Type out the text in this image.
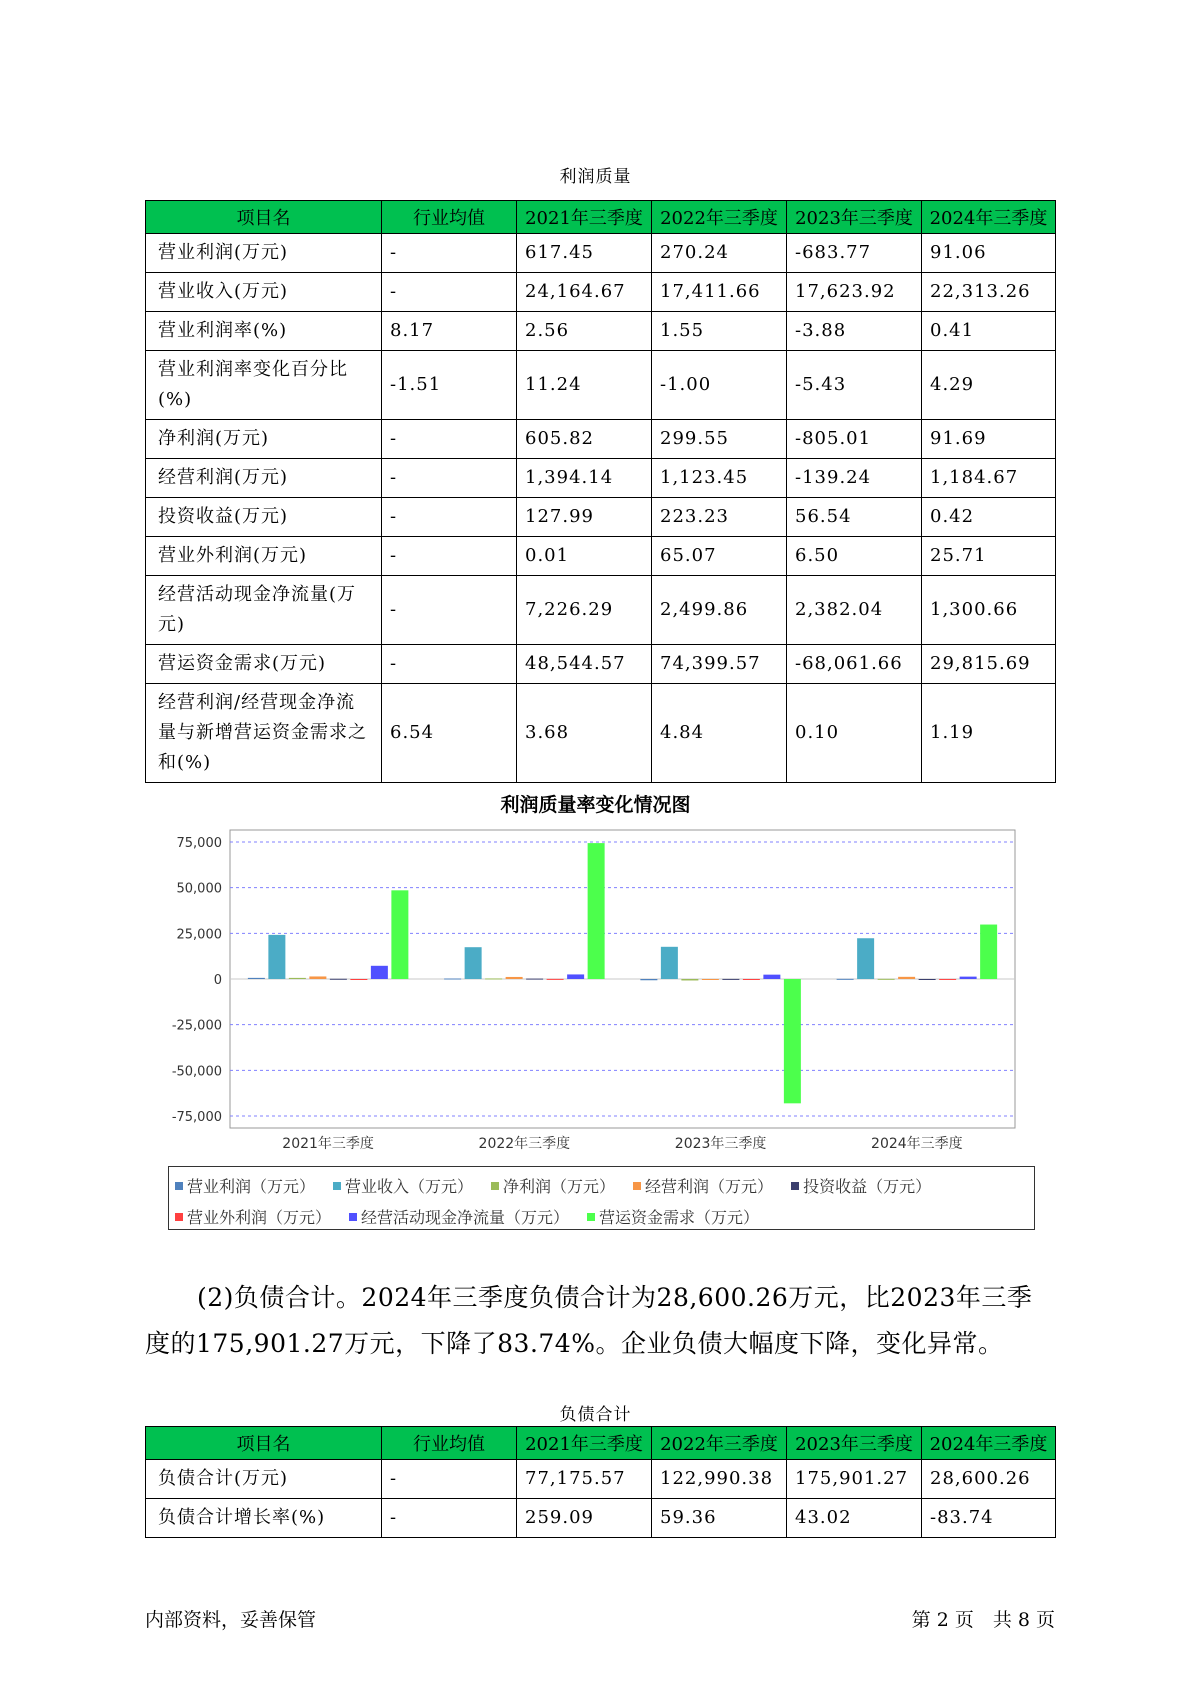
利润质量
项目名	行业均值	2021年三季度	2022年三季度	2023年三季度	2024年三季度
营业利润(万元)	-	617.45	270.24	-683.77	91.06
营业收入(万元)	-	24,164.67	17,411.66	17,623.92	22,313.26
营业利润率(%)	8.17	2.56	1.55	-3.88	0.41
营业利润率变化百分比(%)	-1.51	11.24	-1.00	-5.43	4.29
净利润(万元)	-	605.82	299.55	-805.01	91.69
经营利润(万元)	-	1,394.14	1,123.45	-139.24	1,184.67
投资收益(万元)	-	127.99	223.23	56.54	0.42
营业外利润(万元)	-	0.01	65.07	6.50	25.71
经营活动现金净流量(万元)	-	7,226.29	2,499.86	2,382.04	1,300.66
营运资金需求(万元)	-	48,544.57	74,399.57	-68,061.66	29,815.69
经营利润/经营现金净流量与新增营运资金需求之和(%)	6.54	3.68	4.84	0.10	1.19
利润质量率变化情况图
75,000
50,000
25,000
0
-25,000
-50,000
-75,000
2021年三季度	2022年三季度	2023年三季度	2024年三季度
营业利润（万元） 营业收入（万元） 净利润（万元） 经营利润（万元） 投资收益（万元）
营业外利润（万元） 经营活动现金净流量（万元） 营运资金需求（万元）
(2)负债合计。2024年三季度负债合计为28,600.26万元，比2023年三季度的175,901.27万元，下降了83.74%。企业负债大幅度下降，变化异常。
负债合计
项目名	行业均值	2021年三季度	2022年三季度	2023年三季度	2024年三季度
负债合计(万元)	-	77,175.57	122,990.38	175,901.27	28,600.26
负债合计增长率(%)	-	259.09	59.36	43.02	-83.74
内部资料，妥善保管	第 2 页　共 8 页
